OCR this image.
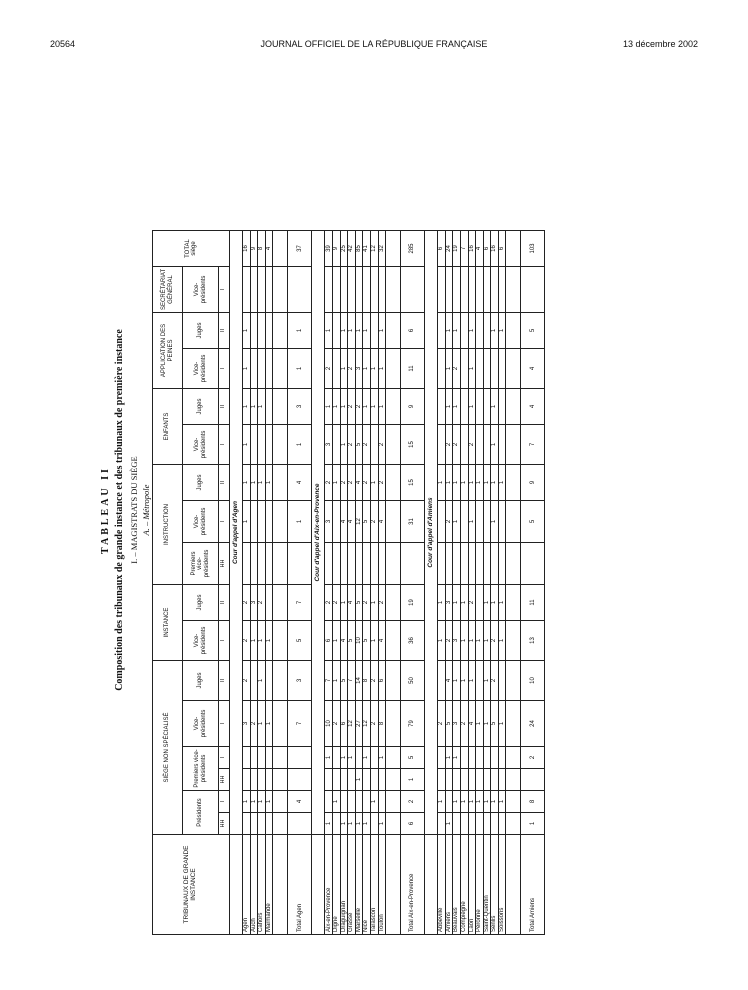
20564	JOURNAL OFFICIEL DE LA RÉPUBLIQUE FRANÇAISE	13 décembre 2002
TABLEAU II Composition des tribunaux de grande instance et des tribunaux de première instance I. – MAGISTRATS DU SIÈGE A. – Métropole
TRIBUNAUX DE GRANDE INSTANCE	SIÈGE NON SPÉCIALISÉ						INSTANCE		INSTRUCTION			ENFANTS		APPLICATION DES PEINES		SECRÉTARIAT GÉNÉRAL	TOTAL siège
	Présidents		Premiers vice-présidents		Vice-présidents	Juges	Vice-présidents	Juges	Premiers vice-présidents	Vice-présidents	Juges	Vice-présidents	Juges	Vice-présidents	Juges	Vice-présidents	
	HH	I	HH	I	I	II	I	II	HH	I	II	I	II	I	II	I	
	Cour d'appel d'Agen																
Agen		1			3	2	2	2		1	1	1	1	1	1		16
Auch		1			2		1	3			1		1				9
Cahors		1			1	1	1	2			1		1				8
Marmande		1			1		1				1						4

Total Agen		4			7	3	5	7		1	4	1	3	1	1		37
	Cour d'appel d'Aix-en-Provence																
Aix-en-Provence	1			1	10	7	6	2		3	2	3	1	2	1		39
Digne		1			2	1	1	2			1		1				9
Draguignan	1			1	6	5	4	1		4	2	1	1	1	1		25
Grasse	1			1	12	7	5	4		4	2	2	2	2	1		42
Marseille	1		1		27	14	10	5		12	4	5	2	3	1		85
Nice	1			1	12	8	5	2		5	2	2	1	1	1		41
Tarascon		1			2	2	1	1		2	1		1	1			12
Toulon	1			1	8	6	4	2		4	2	2	1	1	1		32

Total Aix-en-Provence	6	2	1	5	79	50	36	19		31	15	15	9	11	6		285
	Cour d'appel d'Amiens																
Abbeville		1			2		1	1			1						6
Amiens	1			1	5	4	2	3		2	1	2	1	1	1		24
Beauvais		1		1	3	1	3	1		1	1	2	1	2	1		19
Compiègne		1			2	1	1	1			1						7
Laon		1			4	1	1	2		1	1	2	1	1	1		16
Péronne		1			1		1				1						4
Saint-Quentin		1			1	1	1	1			1						6
Senlis		1			5	2	2	1		1	1	1	1		1		16
Soissons		1			1		1	1			1				1		6

Total Amiens	1	8		2	24	10	13	11		5	9	7	4	4	5		103
